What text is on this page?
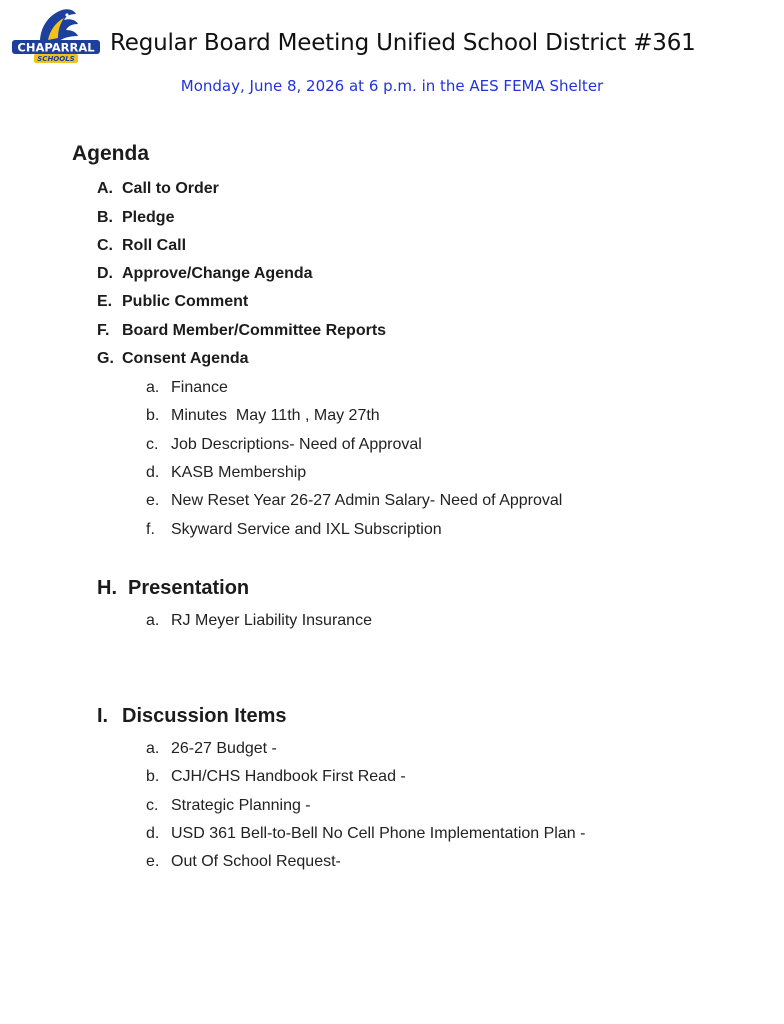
CHAPARRAL
SCHOOLS
Regular Board Meeting Unified School District #361
Monday, June 8, 2026 at 6 p.m. in the AES FEMA Shelter
Agenda
A. Call to Order
B. Pledge
C. Roll Call
D. Approve/Change Agenda
E. Public Comment
F. Board Member/Committee Reports
G. Consent Agenda
a. Finance
b. Minutes  May 11th , May 27th
c. Job Descriptions- Need of Approval
d. KASB Membership
e. New Reset Year 26-27 Admin Salary- Need of Approval
f. Skyward Service and IXL Subscription
H. Presentation
a. RJ Meyer Liability Insurance
I. Discussion Items
a. 26-27 Budget -
b. CJH/CHS Handbook First Read -
c. Strategic Planning -
d. USD 361 Bell-to-Bell No Cell Phone Implementation Plan -
e. Out Of School Request-
